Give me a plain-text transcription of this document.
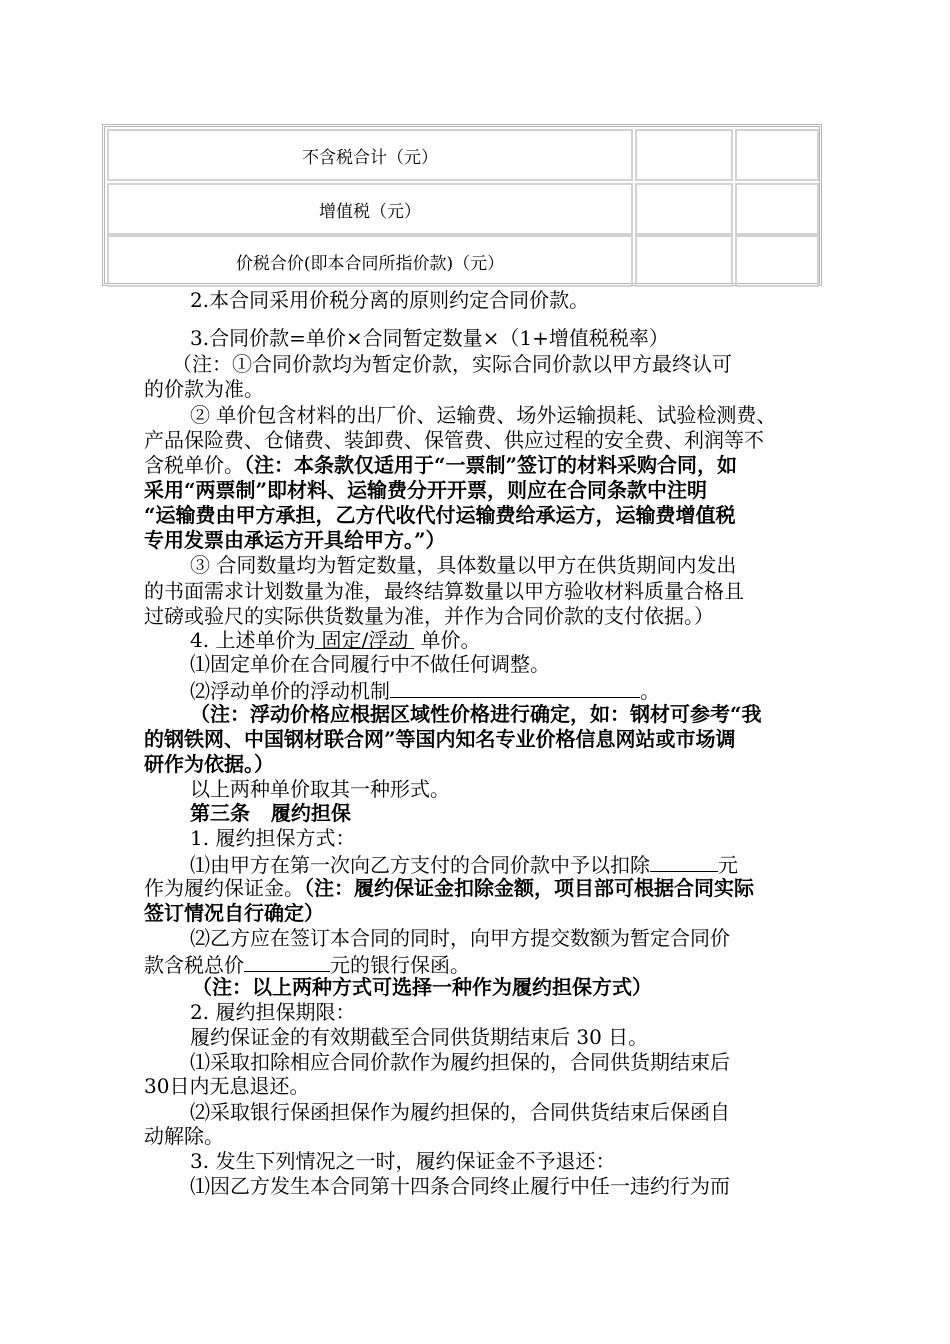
不含税合计（元）
增值税（元）
价税合价(即本合同所指价款)（元）
2.本合同采用价税分离的原则约定合同价款。
3.合同价款=单价×合同暂定数量×（1+增值税税率）
（注：①合同价款均为暂定价款，实际合同价款以甲方最终认可
的价款为准。
② 单价包含材料的出厂价、运输费、场外运输损耗、试验检测费、
产品保险费、仓储费、装卸费、保管费、供应过程的安全费、利润等不
含税单价。（注：本条款仅适用于“一票制”签订的材料采购合同，如
采用“两票制”即材料、运输费分开开票，则应在合同条款中注明
“运输费由甲方承担，乙方代收代付运输费给承运方，运输费增值税
专用发票由承运方开具给甲方。”）
③ 合同数量均为暂定数量，具体数量以甲方在供货期间内发出
的书面需求计划数量为准，最终结算数量以甲方验收材料质量合格且
过磅或验尺的实际供货数量为准，并作为合同价款的支付依据。）
4. 上述单价为 固定/浮动 单价。
⑴固定单价在合同履行中不做任何调整。
⑵浮动单价的浮动机制	。
（注：浮动价格应根据区域性价格进行确定，如：钢材可参考“我
的钢铁网、中国钢材联合网”等国内知名专业价格信息网站或市场调
研作为依据。）
以上两种单价取其一种形式。
第三条   履约担保
1. 履约担保方式：
⑴由甲方在第一次向乙方支付的合同价款中予以扣除	元
作为履约保证金。（注：履约保证金扣除金额，项目部可根据合同实际
签订情况自行确定）
⑵乙方应在签订本合同的同时，向甲方提交数额为暂定合同价
款含税总价	元的银行保函。
（注：以上两种方式可选择一种作为履约担保方式）
2. 履约担保期限：
履约保证金的有效期截至合同供货期结束后 30 日。
⑴采取扣除相应合同价款作为履约担保的，合同供货期结束后
30日内无息退还。
⑵采取银行保函担保作为履约担保的，合同供货结束后保函自
动解除。
3. 发生下列情况之一时，履约保证金不予退还：
⑴因乙方发生本合同第十四条合同终止履行中任一违约行为而
